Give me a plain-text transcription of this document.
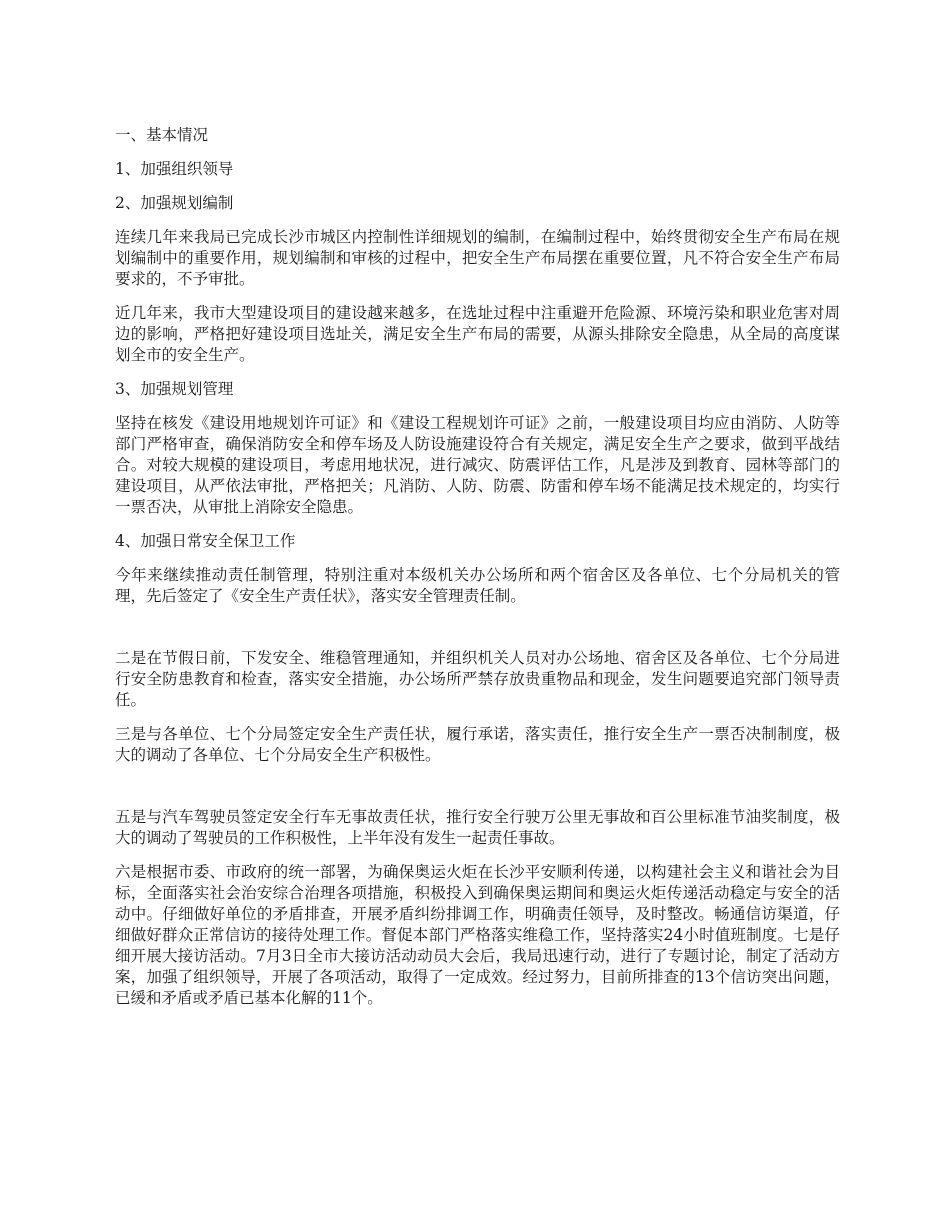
一、基本情况

1、加强组织领导

2、加强规划编制

连续几年来我局已完成长沙市城区内控制性详细规划的编制，在编制过程中，始终贯彻安全生产布局在规划编制中的重要作用，规划编制和审核的过程中，把安全生产布局摆在重要位置，凡不符合安全生产布局要求的，不予审批。

近几年来，我市大型建设项目的建设越来越多，在选址过程中注重避开危险源、环境污染和职业危害对周边的影响，严格把好建设项目选址关，满足安全生产布局的需要，从源头排除安全隐患，从全局的高度谋划全市的安全生产。

3、加强规划管理

坚持在核发《建设用地规划许可证》和《建设工程规划许可证》之前，一般建设项目均应由消防、人防等部门严格审查，确保消防安全和停车场及人防设施建设符合有关规定，满足安全生产之要求，做到平战结合。对较大规模的建设项目，考虑用地状况，进行减灾、防震评估工作，凡是涉及到教育、园林等部门的建设项目，从严依法审批，严格把关；凡消防、人防、防震、防雷和停车场不能满足技术规定的，均实行一票否决，从审批上消除安全隐患。

4、加强日常安全保卫工作

今年来继续推动责任制管理，特别注重对本级机关办公场所和两个宿舍区及各单位、七个分局机关的管理，先后签定了《安全生产责任状》，落实安全管理责任制。

二是在节假日前，下发安全、维稳管理通知，并组织机关人员对办公场地、宿舍区及各单位、七个分局进行安全防患教育和检查，落实安全措施，办公场所严禁存放贵重物品和现金，发生问题要追究部门领导责任。

三是与各单位、七个分局签定安全生产责任状，履行承诺，落实责任，推行安全生产一票否决制制度，极大的调动了各单位、七个分局安全生产积极性。

五是与汽车驾驶员签定安全行车无事故责任状，推行安全行驶万公里无事故和百公里标准节油奖制度，极大的调动了驾驶员的工作积极性，上半年没有发生一起责任事故。

六是根据市委、市政府的统一部署，为确保奥运火炬在长沙平安顺利传递，以构建社会主义和谐社会为目标，全面落实社会治安综合治理各项措施，积极投入到确保奥运期间和奥运火炬传递活动稳定与安全的活动中。仔细做好单位的矛盾排查，开展矛盾纠纷排调工作，明确责任领导，及时整改。畅通信访渠道，仔细做好群众正常信访的接待处理工作。督促本部门严格落实维稳工作，坚持落实24小时值班制度。七是仔细开展大接访活动。7月3日全市大接访活动动员大会后，我局迅速行动，进行了专题讨论，制定了活动方案，加强了组织领导，开展了各项活动，取得了一定成效。经过努力，目前所排查的13个信访突出问题，已缓和矛盾或矛盾已基本化解的11个。
